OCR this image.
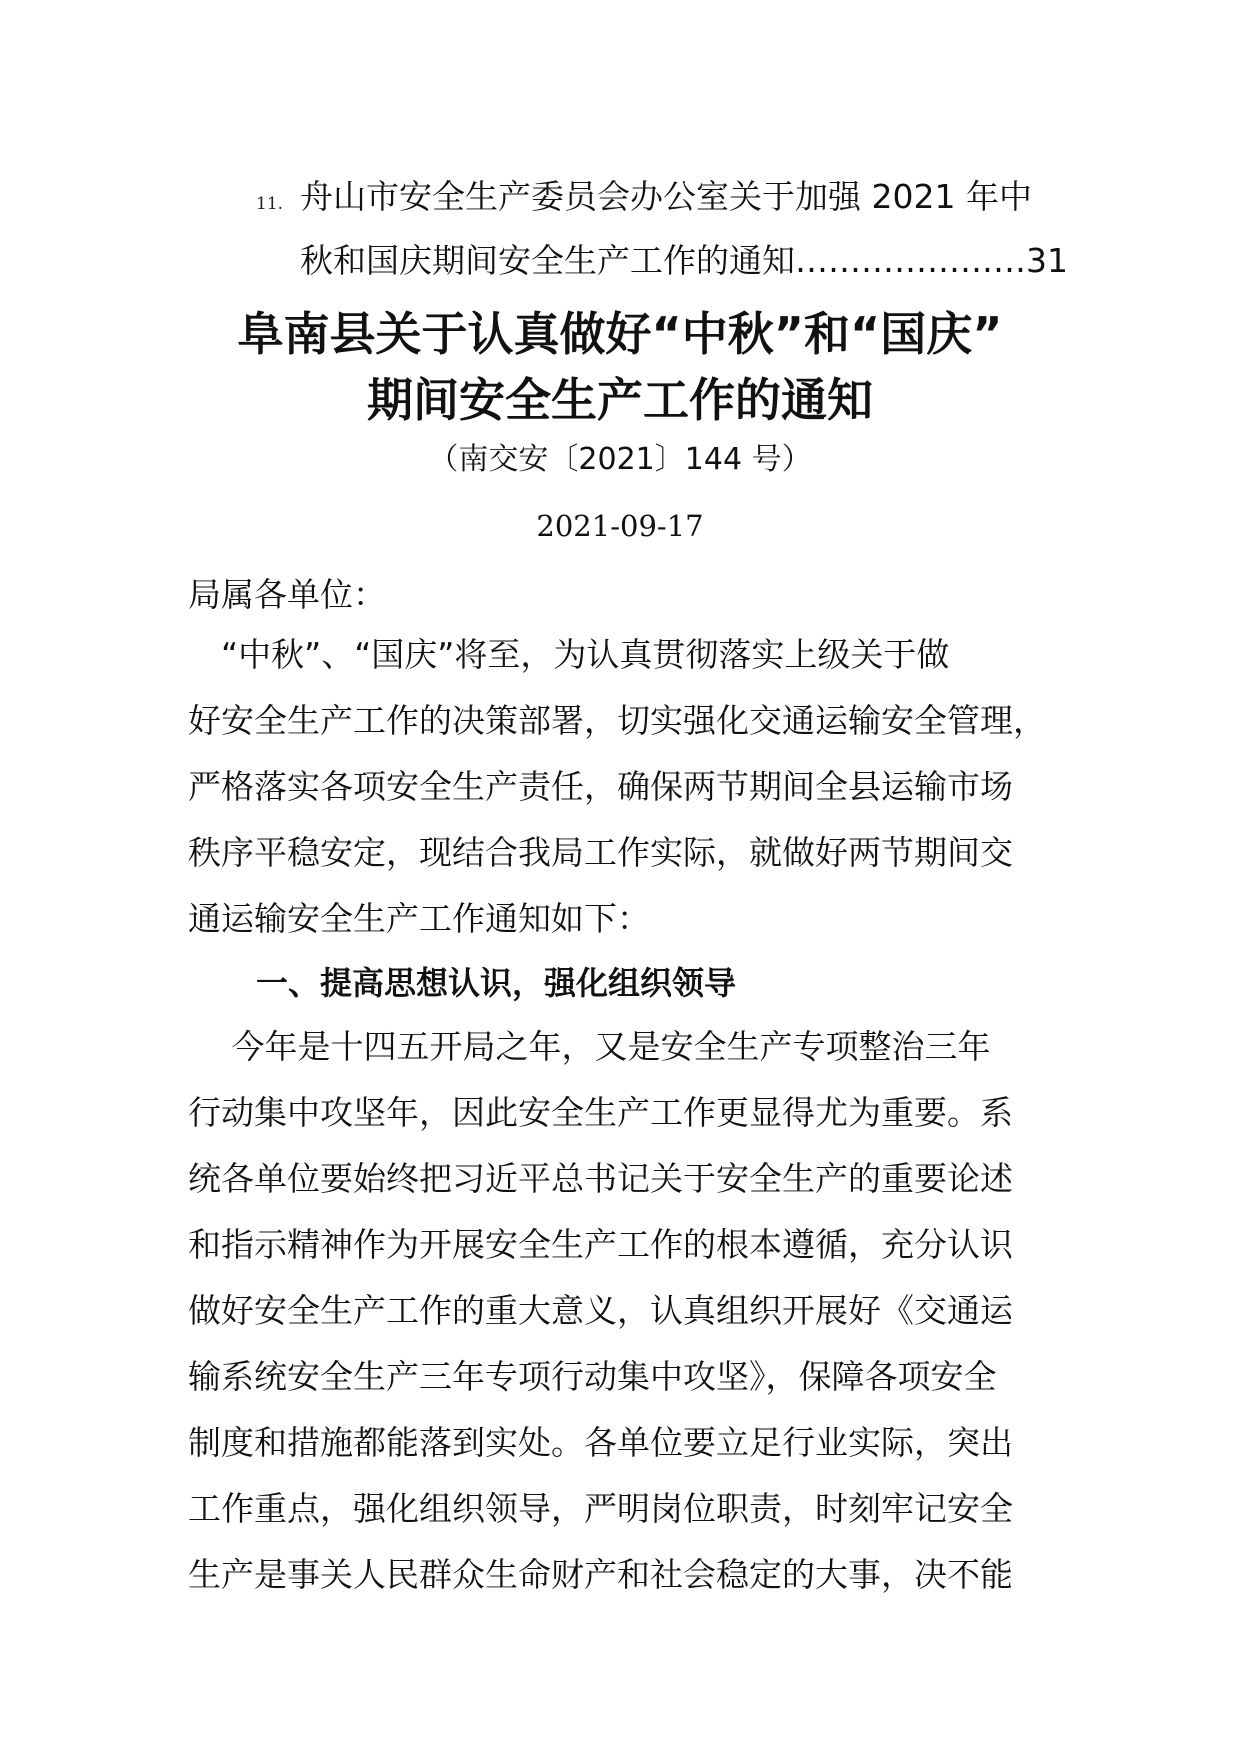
11. 舟山市安全生产委员会办公室关于加强 2021 年中
秋和国庆期间安全生产工作的通知…………………31
阜南县关于认真做好“中秋”和“国庆”
期间安全生产工作的通知
（南交安〔2021〕144 号）
2021-09-17
局属各单位：
　“中秋”、“国庆”将至，为认真贯彻落实上级关于做
好安全生产工作的决策部署，切实强化交通运输安全管理，
严格落实各项安全生产责任，确保两节期间全县运输市场
秩序平稳安定，现结合我局工作实际，就做好两节期间交
通运输安全生产工作通知如下：
一、提高思想认识，强化组织领导
　 今年是十四五开局之年，又是安全生产专项整治三年
行动集中攻坚年，因此安全生产工作更显得尤为重要。系
统各单位要始终把习近平总书记关于安全生产的重要论述
和指示精神作为开展安全生产工作的根本遵循，充分认识
做好安全生产工作的重大意义，认真组织开展好《交通运
输系统安全生产三年专项行动集中攻坚》，保障各项安全
制度和措施都能落到实处。各单位要立足行业实际，突出
工作重点，强化组织领导，严明岗位职责，时刻牢记安全
生产是事关人民群众生命财产和社会稳定的大事，决不能
